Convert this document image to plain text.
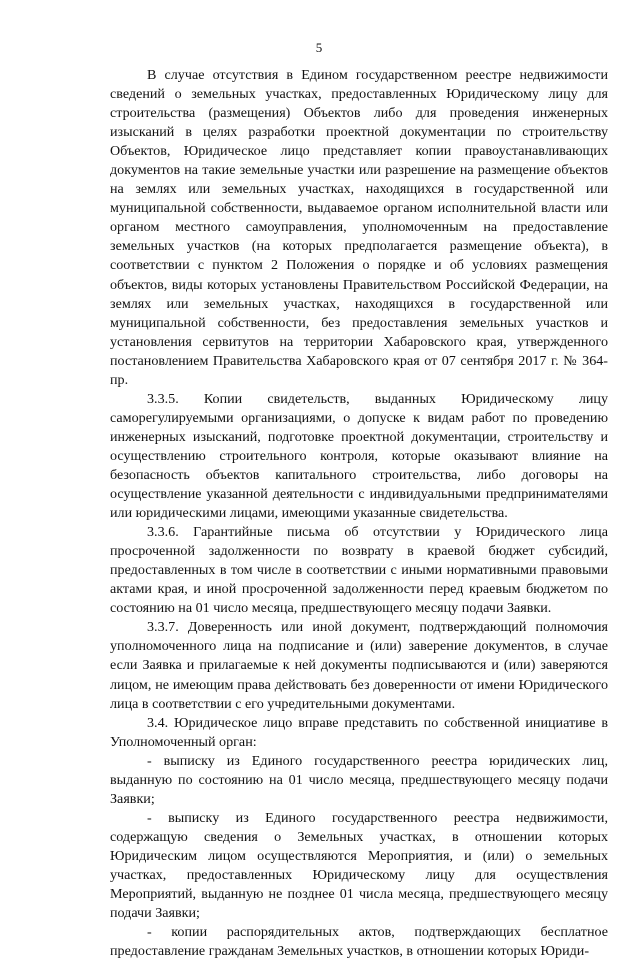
5

В случае отсутствия в Едином государственном реестре недвижимости сведений о земельных участках, предоставленных Юридическому лицу для строительства (размещения) Объектов либо для проведения инженерных изысканий в целях разработки проектной документации по строительству Объектов, Юридическое лицо представляет копии правоустанавливающих документов на такие земельные участки или разрешение на размещение объектов на землях или земельных участках, находящихся в государственной или муниципальной собственности, выдаваемое органом исполнительной власти или органом местного самоуправления, уполномоченным на предоставление земельных участков (на которых предполагается размещение объекта), в соответствии с пунктом 2 Положения о порядке и об условиях размещения объектов, виды которых установлены Правительством Российской Федерации, на землях или земельных участках, находящихся в государственной или муниципальной собственности, без предоставления земельных участков и установления сервитутов на территории Хабаровского края, утвержденного постановлением Правительства Хабаровского края от 07 сентября 2017 г. № 364-пр.

3.3.5. Копии свидетельств, выданных Юридическому лицу саморегулируемыми организациями, о допуске к видам работ по проведению инженерных изысканий, подготовке проектной документации, строительству и осуществлению строительного контроля, которые оказывают влияние на безопасность объектов капитального строительства, либо договоры на осуществление указанной деятельности с индивидуальными предпринимателями или юридическими лицами, имеющими указанные свидетельства.

3.3.6. Гарантийные письма об отсутствии у Юридического лица просроченной задолженности по возврату в краевой бюджет субсидий, предоставленных в том числе в соответствии с иными нормативными правовыми актами края, и иной просроченной задолженности перед краевым бюджетом по состоянию на 01 число месяца, предшествующего месяцу подачи Заявки.

3.3.7. Доверенность или иной документ, подтверждающий полномочия уполномоченного лица на подписание и (или) заверение документов, в случае если Заявка и прилагаемые к ней документы подписываются и (или) заверяются лицом, не имеющим права действовать без доверенности от имени Юридического лица в соответствии с его учредительными документами.

3.4. Юридическое лицо вправе представить по собственной инициативе в Уполномоченный орган:

- выписку из Единого государственного реестра юридических лиц, выданную по состоянию на 01 число месяца, предшествующего месяцу подачи Заявки;

- выписку из Единого государственного реестра недвижимости, содержащую сведения о Земельных участках, в отношении которых Юридическим лицом осуществляются Мероприятия, и (или) о земельных участках, предоставленных Юридическому лицу для осуществления Мероприятий, выданную не позднее 01 числа месяца, предшествующего месяцу подачи Заявки;

- копии распорядительных актов, подтверждающих бесплатное предоставление гражданам Земельных участков, в отношении которых Юриди-
